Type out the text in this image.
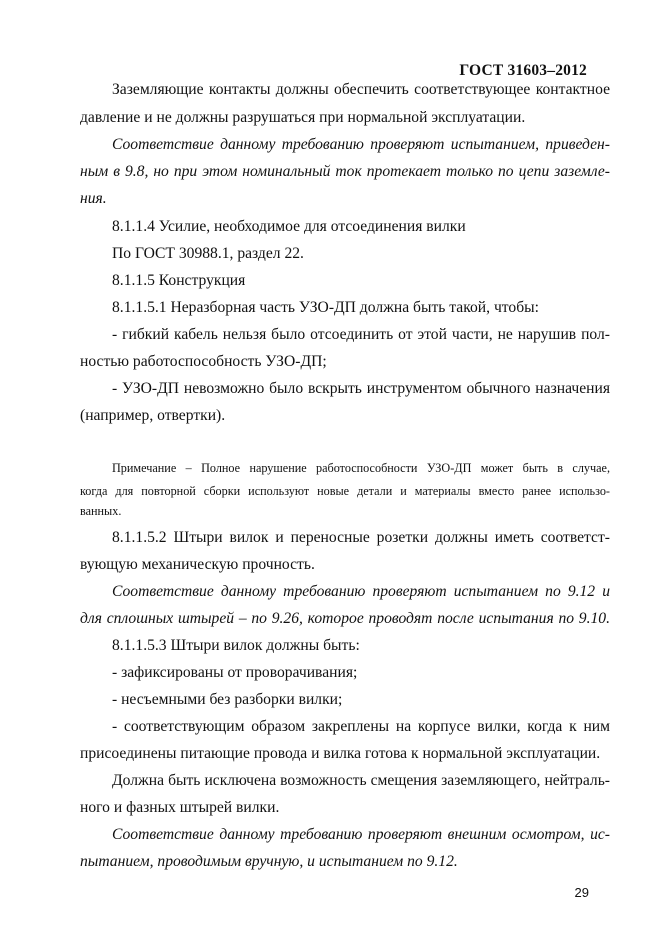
ГОСТ 31603–2012
Заземляющие контакты должны обеспечить соответствующее контактное
давление и не должны разрушаться при нормальной эксплуатации.
Соответствие данному требованию проверяют испытанием, приведен-
ным в 9.8, но при этом номинальный ток протекает только по цепи заземле-
ния.
8.1.1.4 Усилие, необходимое для отсоединения вилки
По ГОСТ 30988.1, раздел 22.
8.1.1.5 Конструкция
8.1.1.5.1 Неразборная часть УЗО-ДП должна быть такой, чтобы:
- гибкий кабель нельзя было отсоединить от этой части, не нарушив пол-
ностью работоспособность УЗО-ДП;
- УЗО-ДП невозможно было вскрыть инструментом обычного назначения
(например, отвертки).
Примечание – Полное нарушение работоспособности УЗО-ДП может быть в случае,
когда для повторной сборки используют новые детали и материалы вместо ранее использо-
ванных.
8.1.1.5.2 Штыри вилок и переносные розетки должны иметь соответст-
вующую механическую прочность.
Соответствие данному требованию проверяют испытанием по 9.12 и
для сплошных штырей – по 9.26, которое проводят после испытания по 9.10.
8.1.1.5.3 Штыри вилок должны быть:
- зафиксированы от проворачивания;
- несъемными без разборки вилки;
- соответствующим образом закреплены на корпусе вилки, когда к ним
присоединены питающие провода и вилка готова к нормальной эксплуатации.
Должна быть исключена возможность смещения заземляющего, нейтраль-
ного и фазных штырей вилки.
Соответствие данному требованию проверяют внешним осмотром, ис-
пытанием, проводимым вручную, и испытанием по 9.12.
29
